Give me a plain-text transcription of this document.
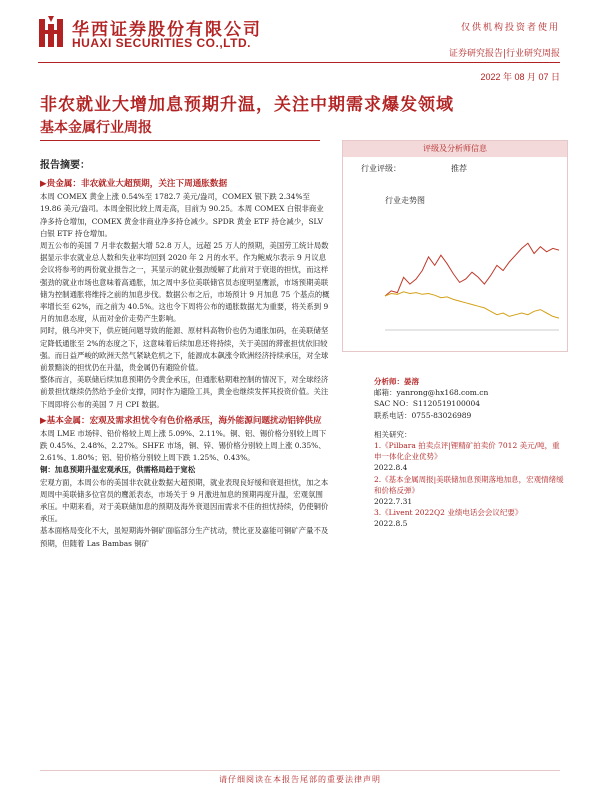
华西证券股份有限公司
HUAXI SECURITIES CO.,LTD.
仅供机构投资者使用
证券研究报告|行业研究周报
2022 年 08 月 07 日
非农就业大增加息预期升温，关注中期需求爆发领域
基本金属行业周报
报告摘要：
▶贵金属：非农就业大超预期，关注下周通胀数据

本周 COMEX 黄金上涨 0.54%至 1782.7 美元/盎司，COMEX 银下跌 2.34%至 19.86 美元/盎司。本周金银比较上周走高，目前为 90.25。本周 COMEX 白银非商业净多持仓增加，COMEX 黄金非商业净多持仓减少。SPDR 黄金 ETF 持仓减少，SLV 白银 ETF 持仓增加。

周五公布的美国 7 月非农数据大增 52.8 万人，远超 25 万人的预期，美国劳工统计局数据显示非农就业总人数和失业率均回到 2020 年 2 月的水平。作为鲍威尔表示 9 月议息会议将参考的两份就业报告之一，其显示的就业强劲缓解了此前对于衰退的担忧，而这样强劲的就业市场也意味着高通胀，加之周中多位美联储官员态度明显鹰派，市场预期美联储为控制通胀将维持之前的加息步伐。数据公布之后，市场预计 9 月加息 75 个基点的概率增长至 62%，而之前为 40.5%。这也令下周将公布的通胀数据尤为重要，将关系到 9 月的加息态度，从而对金价走势产生影响。

同时，俄乌冲突下，供应链问题导致的能源、原材料高物价也仍为通胀加码，在美联储坚定降低通胀至 2%的态度之下，这意味着后续加息还将持续，关于美国的滞涨担忧依旧较强。而日益严峻的欧洲天然气紧缺危机之下，能源成本飙涨令欧洲经济持续承压，对全球前景黯淡的担忧仍在升温，贵金属仍有避险价值。

整体而言，美联储后续加息预期仍令黄金承压，但通胀粘期难控制的情况下，对全球经济前景担忧继续仍然给予金价支撑，同时作为避险工具，黄金也继续发挥其投资价值。关注下周即将公布的美国 7 月 CPI 数据。

▶基本金属：宏观及需求担忧令有色价格承压，海外能源问题扰动铝锌供应

本周 LME 市场锌、铅价格较上周上涨 5.09%、2.11%。铜、铝、锡价格分别较上周下跌 0.45%、2.48%、2.27%。SHFE 市场，铜、锌、锡价格分别较上周上涨 0.35%、2.61%、1.80%；铝、铅价格分别较上周下跌 1.25%、0.43%。

铜：加息预期升温宏观承压，供需格局趋于宽松

宏观方面，本周公布的美国非农就业数据大超预期，就业表现良好缓和衰退担忧，加之本周周中美联储多位官员的鹰派表态，市场关于 9 月激进加息的预期再度升温，宏观氛围承压。中期来看，对于美联储加息的预期及海外衰退因而需求不佳的担忧持续，仍使铜价承压。

基本面格局变化不大，虽短期海外铜矿面临部分生产扰动，赞比亚及嘉能可铜矿产量不及预期，但随着 Las Bambas 铜矿

评级及分析师信息
行业评级：	推荐
行业走势图
分析师：晏溶
邮箱：yanrong@hx168.com.cn
SAC NO：S1120519100004
联系电话：0755-83026989
相关研究：
1.《Pilbara 拍卖点评|锂精矿拍卖价 7012 美元/吨，重申一体化企业优势》
2022.8.4
2.《基本金属周报|美联储加息预期落地加息，宏观情绪缓和价格反弹》
2022.7.31
3.《Livent 2022Q2 业绩电话会会议纪要》
2022.8.5
请仔细阅读在本报告尾部的重要法律声明
